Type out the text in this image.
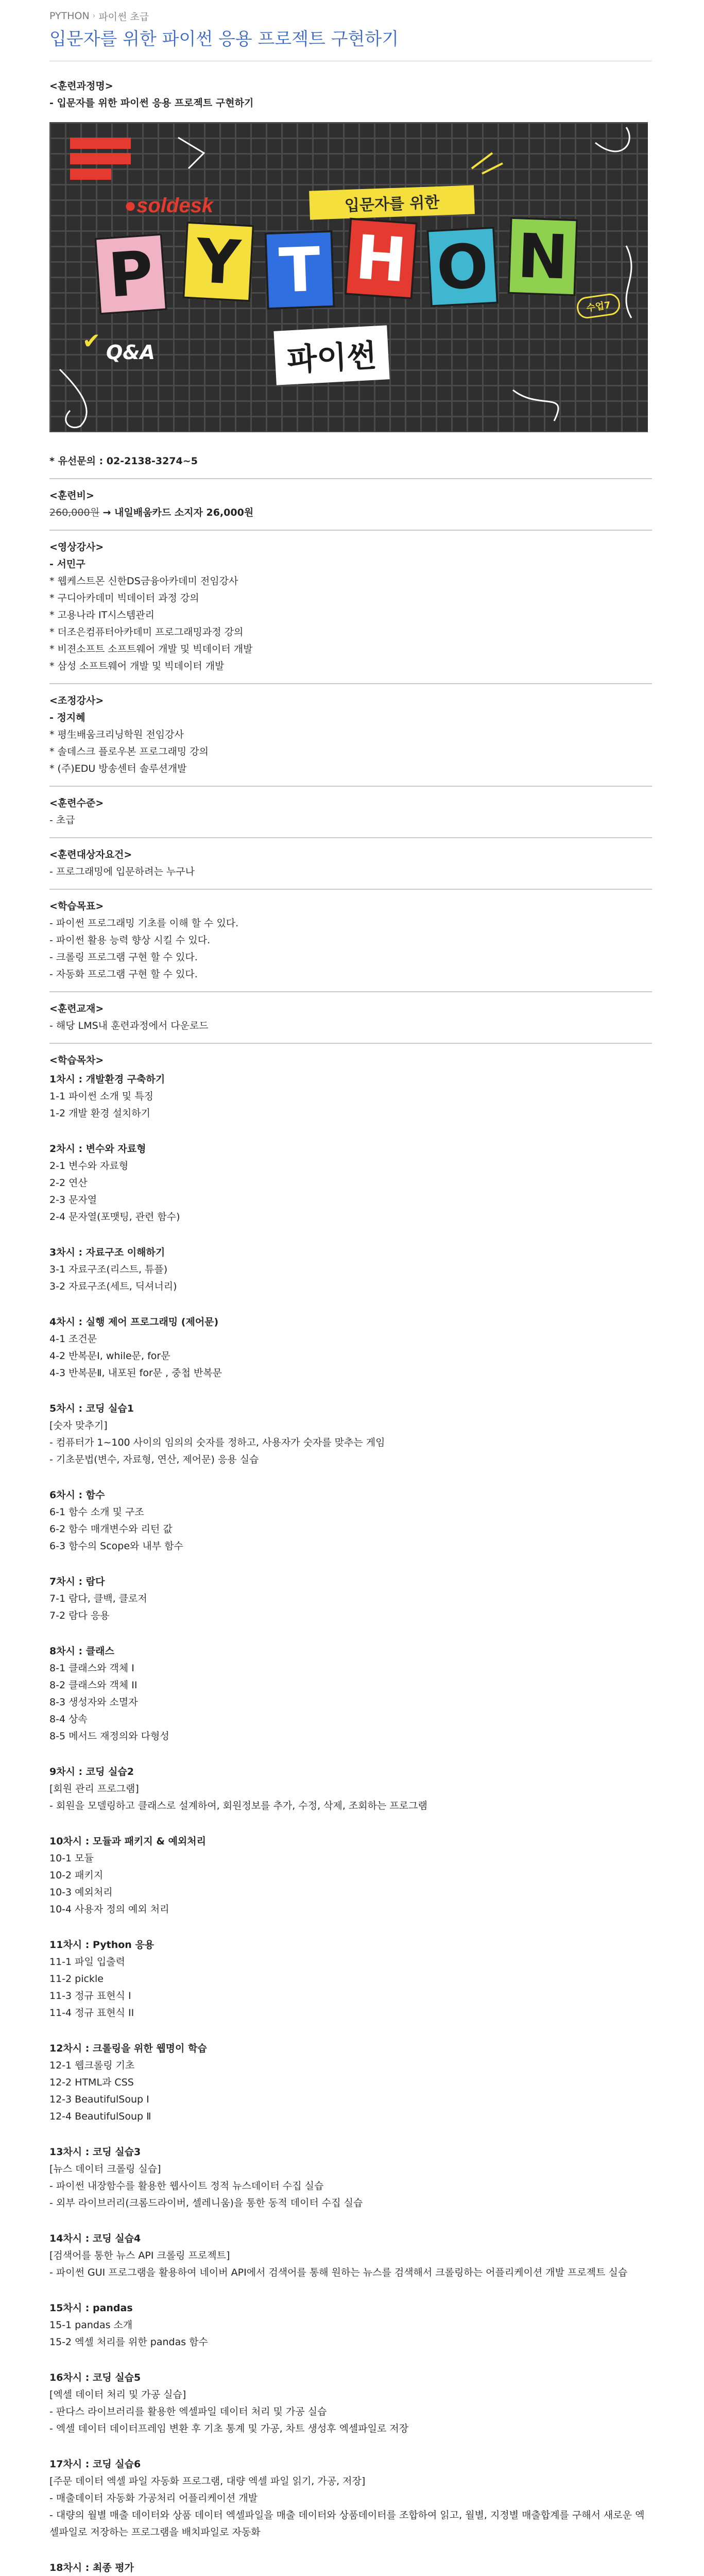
PYTHON › 파이썬 초급
입문자를 위한 파이썬 응용 프로젝트 구현하기
<훈련과정명>
- 입문자를 위한 파이썬 응용 프로젝트 구현하기
●soldesk	입문자를 위한
P Y T H O N
수업7
✔ Q&A	파이썬
* 유선문의 : 02-2138-3274~5
<훈련비>
260,000원 → 내일배움카드 소지자 26,000원
<영상강사>
- 서민구
* 웹케스트몬 신한DS금융아카데미 전임강사
* 구디아카데미 빅데이터 과정 강의
* 고용나라 IT시스템관리
* 더조은컴퓨터아카데미 프로그래밍과정 강의
* 비젼소프트 소프트웨어 개발 및 빅데이터 개발
* 삼성 소프트웨어 개발 및 빅데이터 개발
<조정강사>
- 정지혜
* 평生배움크리닝학원 전임강사
* 솔데스크 플로우본 프로그래밍 강의
* (주)EDU 방송센터 솔루션개발
<훈련수준>
- 초급
<훈련대상자요건>
- 프로그래밍에 입문하려는 누구나
<학습목표>
- 파이썬 프로그래밍 기초를 이해 할 수 있다.
- 파이썬 활용 능력 향상 시킬 수 있다.
- 크롤링 프로그램 구현 할 수 있다.
- 자동화 프로그램 구현 할 수 있다.
<훈련교재>
- 해당 LMS내 훈련과정에서 다운로드
<학습목차>
1차시 : 개발환경 구축하기
1-1 파이썬 소개 및 특징
1-2 개발 환경 설치하기
2차시 : 변수와 자료형
2-1 변수와 자료형
2-2 연산
2-3 문자열
2-4 문자열(포맷팅, 관련 함수)
3차시 : 자료구조 이해하기
3-1 자료구조(리스트, 튜플)
3-2 자료구조(세트, 딕셔너리)
4차시 : 실행 제어 프로그래밍 (제어문)
4-1 조건문
4-2 반복문Ⅰ, while문, for문
4-3 반복문Ⅱ, 내포된 for문 , 중첩 반복문
5차시 : 코딩 실습1
[숫자 맞추기]
- 컴퓨터가 1~100 사이의 임의의 숫자를 정하고, 사용자가 숫자를 맞추는 게임
- 기초문법(변수, 자료형, 연산, 제어문) 응용 실습
6차시 : 함수
6-1 함수 소개 및 구조
6-2 함수 매개변수와 리턴 값
6-3 함수의 Scope와 내부 함수
7차시 : 람다
7-1 람다, 클백, 클로저
7-2 람다 응용
8차시 : 클래스
8-1 클래스와 객체 I
8-2 클래스와 객체 II
8-3 생성자와 소멸자
8-4 상속
8-5 메서드 재정의와 다형성
9차시 : 코딩 실습2
[회원 관리 프로그램]
- 회원을 모델링하고 클래스로 설계하여, 회원정보를 추가, 수정, 삭제, 조회하는 프로그램
10차시 : 모듈과 패키지 & 예외처리
10-1 모듈
10-2 패키지
10-3 예외처리
10-4 사용자 정의 예외 처리
11차시 : Python 응용
11-1 파일 입출력
11-2 pickle
11-3 정규 표현식 I
11-4 정규 표현식 II
12차시 : 크롤링을 위한 웹명이 학습
12-1 웹크롤링 기초
12-2 HTML과 CSS
12-3 BeautifulSoup Ⅰ
12-4 BeautifulSoup Ⅱ
13차시 : 코딩 실습3
[뉴스 데이터 크롤링 실습]
- 파이썬 내장함수를 활용한 웹사이트 정적 뉴스데이터 수집 실습
- 외부 라이브러리(크롬드라이버, 셀레니움)을 통한 동적 데이터 수집 실습
14차시 : 코딩 실습4
[검색어를 통한 뉴스 API 크롤링 프로젝트]
- 파이썬 GUI 프로그램을 활용하여 네이버 API에서 검색어를 통해 원하는 뉴스를 검색해서 크롤링하는 어플리케이션 개발 프로젝트 실습
15차시 : pandas
15-1 pandas 소개
15-2 엑셀 처리를 위한 pandas 함수
16차시 : 코딩 실습5
[엑셀 데이터 처리 및 가공 실습]
- 판다스 라이브러리를 활용한 엑셀파일 데이터 처리 및 가공 실습
- 엑셀 데이터 데이터프레임 변환 후 기초 통계 및 가공, 차트 생성후 엑셀파일로 저장
17차시 : 코딩 실습6
[주문 데이터 엑셀 파일 자동화 프로그램, 대량 엑셀 파일 읽기, 가공, 저장]
- 매출데이터 자동화 가공처리 어플리케이션 개발
- 대량의 월별 매출 데이터와 상품 데이터 엑셀파일을 매출 데이터와 상품데이터를 조합하여 읽고, 월별, 지정별 매출합계를 구해서 새로운 엑셀파일로 저장하는 프로그램을 배치파일로 자동화
18차시 : 최종 평가
